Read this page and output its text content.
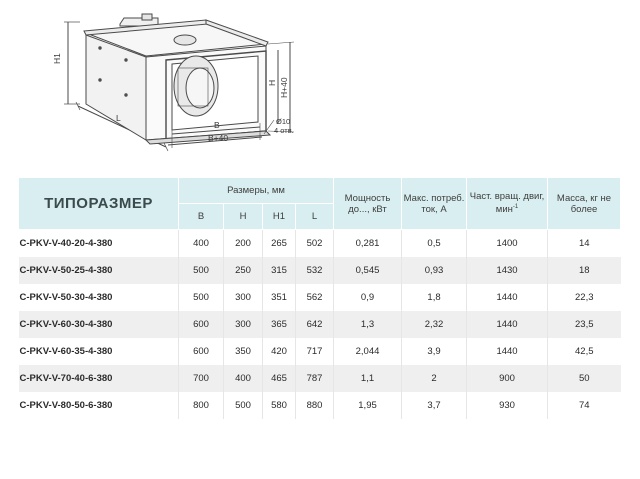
H1
L
B
B+40
H H+40
Ø10
4 отв.
ТИПОРАЗМЕР	Размеры, мм				Мощность до..., кВт	Макс. потреб. ток, А	Част. вращ. двиг, мин$^{-1}$	Масса, кг не более
	B	H	H1	L				
C-PKV-V-40-20-4-380	400	200	265	502	0,281	0,5	1400	14
C-PKV-V-50-25-4-380	500	250	315	532	0,545	0,93	1430	18
C-PKV-V-50-30-4-380	500	300	351	562	0,9	1,8	1440	22,3
C-PKV-V-60-30-4-380	600	300	365	642	1,3	2,32	1440	23,5
C-PKV-V-60-35-4-380	600	350	420	717	2,044	3,9	1440	42,5
C-PKV-V-70-40-6-380	700	400	465	787	1,1	2	900	50
C-PKV-V-80-50-6-380	800	500	580	880	1,95	3,7	930	74
